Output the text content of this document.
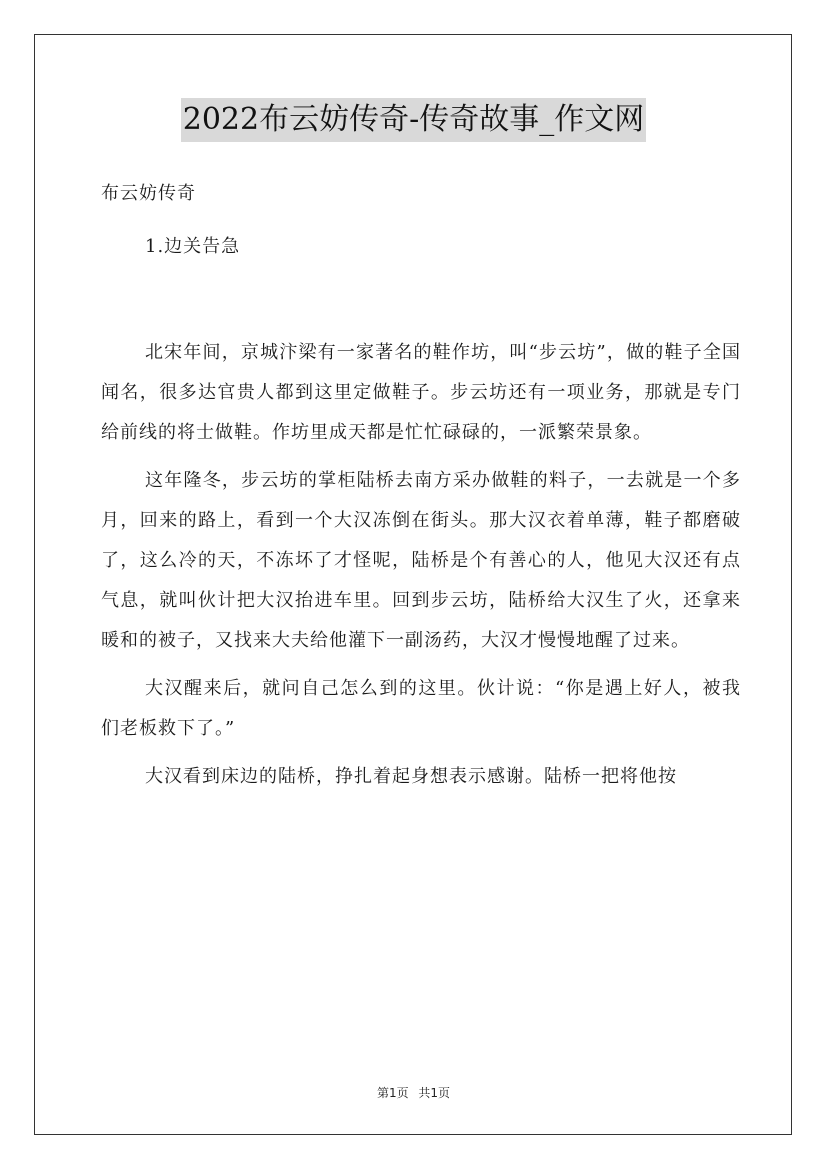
2022布云妨传奇-传奇故事_作文网

布云妨传奇

1.边关告急

北宋年间，京城汴梁有一家著名的鞋作坊，叫“步云坊”，做的鞋子全国闻名，很多达官贵人都到这里定做鞋子。步云坊还有一项业务，那就是专门给前线的将士做鞋。作坊里成天都是忙忙碌碌的，一派繁荣景象。

这年隆冬，步云坊的掌柜陆桥去南方采办做鞋的料子，一去就是一个多月，回来的路上，看到一个大汉冻倒在街头。那大汉衣着单薄，鞋子都磨破了，这么冷的天，不冻坏了才怪呢，陆桥是个有善心的人，他见大汉还有点气息，就叫伙计把大汉抬进车里。回到步云坊，陆桥给大汉生了火，还拿来暖和的被子，又找来大夫给他灌下一副汤药，大汉才慢慢地醒了过来。

大汉醒来后，就问自己怎么到的这里。伙计说：“你是遇上好人，被我们老板救下了。”

大汉看到床边的陆桥，挣扎着起身想表示感谢。陆桥一把将他按

第1页 共1页
